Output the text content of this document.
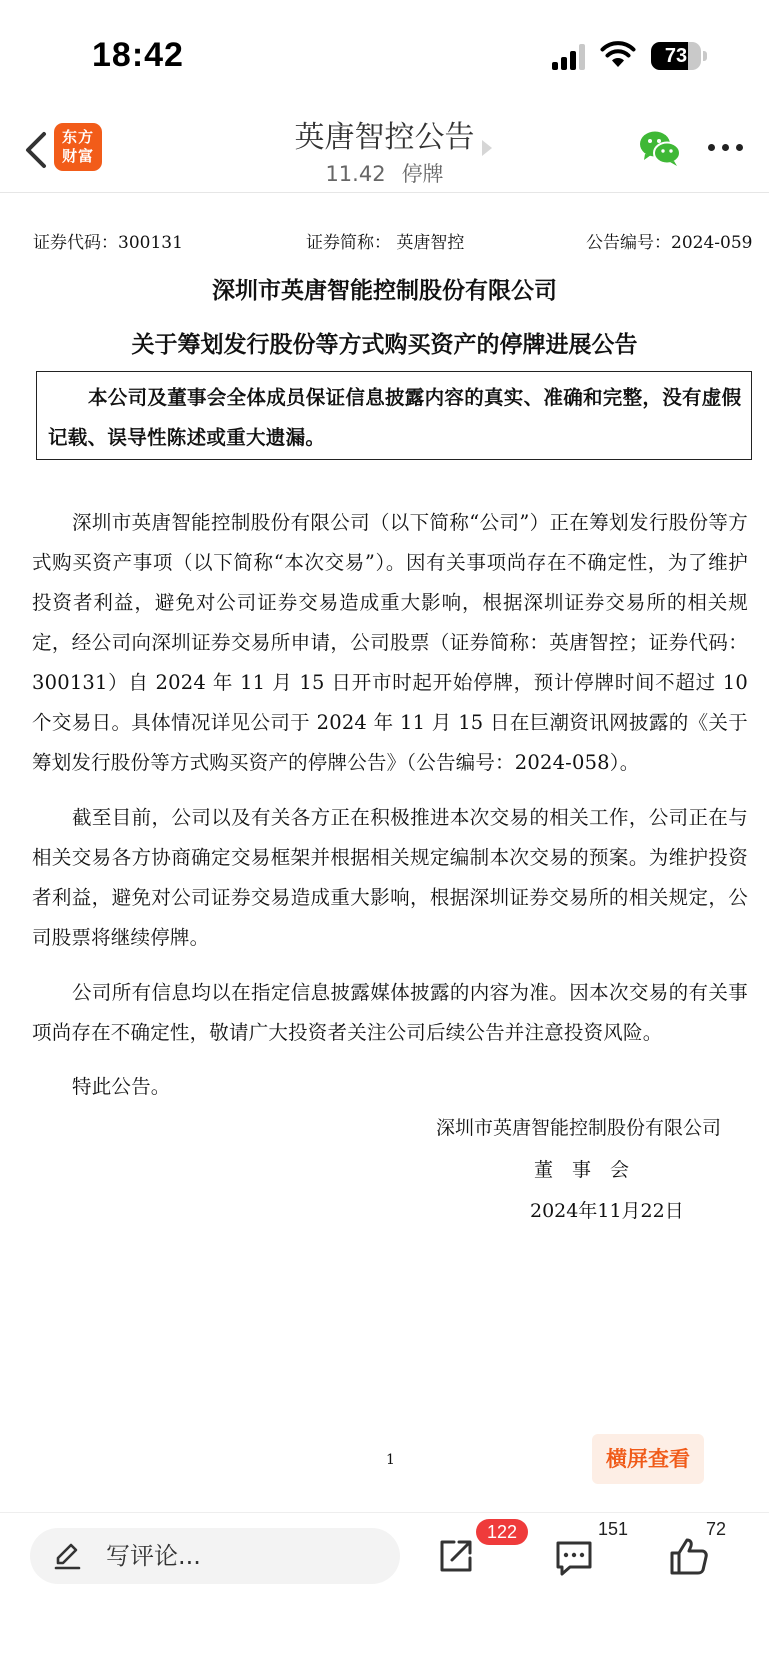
18:42	73
东方
财富
英唐智控公告
11.42 停牌
证券代码：300131	证券简称： 英唐智控	公告编号：2024-059
深圳市英唐智能控制股份有限公司
关于筹划发行股份等方式购买资产的停牌进展公告
本公司及董事会全体成员保证信息披露内容的真实、准确和完整，没有虚假记载、误导性陈述或重大遗漏。
深圳市英唐智能控制股份有限公司（以下简称“公司”）正在筹划发行股份等方式购买资产事项（以下简称“本次交易”）。因有关事项尚存在不确定性，为了维护投资者利益，避免对公司证券交易造成重大影响，根据深圳证券交易所的相关规定，经公司向深圳证券交易所申请，公司股票（证券简称：英唐智控；证券代码：300131）自 2024 年 11 月 15 日开市时起开始停牌，预计停牌时间不超过 10 个交易日。具体情况详见公司于 2024 年 11 月 15 日在巨潮资讯网披露的《关于筹划发行股份等方式购买资产的停牌公告》（公告编号：2024-058）。
截至目前，公司以及有关各方正在积极推进本次交易的相关工作，公司正在与相关交易各方协商确定交易框架并根据相关规定编制本次交易的预案。为维护投资者利益，避免对公司证券交易造成重大影响，根据深圳证券交易所的相关规定，公司股票将继续停牌。
公司所有信息均以在指定信息披露媒体披露的内容为准。因本次交易的有关事项尚存在不确定性，敬请广大投资者关注公司后续公告并注意投资风险。
特此公告。
深圳市英唐智能控制股份有限公司
董　事　会
2024年11月22日
1	横屏查看
写评论...
122	151	72
